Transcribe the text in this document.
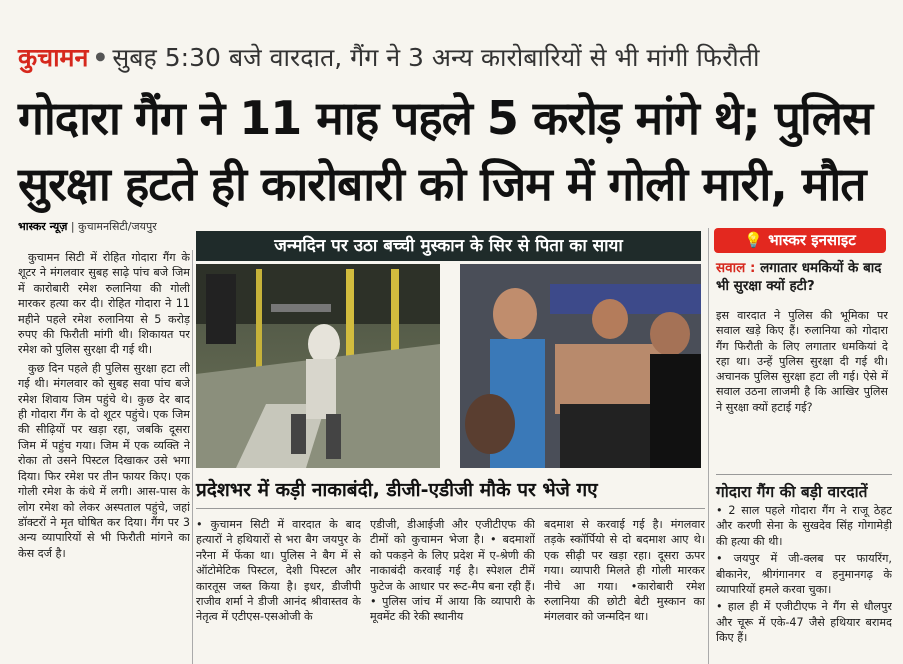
कुचामन • सुबह 5:30 बजे वारदात, गैंग ने 3 अन्य कारोबारियों से भी मांगी फिरौती
गोदारा गैंग ने 11 माह पहले 5 करोड़ मांगे थे; पुलिस
सुरक्षा हटते ही कारोबारी को जिम में गोली मारी, मौत
भास्कर न्यूज़ | कुचामनसिटी/जयपुर

कुचामन सिटी में रोहित गोदारा गैंग के शूटर ने मंगलवार सुबह साढ़े पांच बजे जिम में कारोबारी रमेश रुलानिया की गोली मारकर हत्या कर दी। रोहित गोदारा ने 11 महीने पहले रमेश रुलानिया से 5 करोड़ रुपए की फिरौती मांगी थी। शिकायत पर रमेश को पुलिस सुरक्षा दी गई थी।

कुछ दिन पहले ही पुलिस सुरक्षा हटा ली गई थी। मंगलवार को सुबह सवा पांच बजे रमेश शिवाय जिम पहुंचे थे। कुछ देर बाद ही गोदारा गैंग के दो शूटर पहुंचे। एक जिम की सीढ़ियों पर खड़ा रहा, जबकि दूसरा जिम में पहुंच गया। जिम में एक व्यक्ति ने रोका तो उसने पिस्टल दिखाकर उसे भगा दिया। फिर रमेश पर तीन फायर किए। एक गोली रमेश के कंधे में लगी। आस-पास के लोग रमेश को लेकर अस्पताल पहुंचे, जहां डॉक्टरों ने मृत घोषित कर दिया। गैंग पर 3 अन्य व्यापारियों से भी फिरौती मांगने का केस दर्ज है।

जन्मदिन पर उठा बच्ची मुस्कान के सिर से पिता का साया
प्रदेशभर में कड़ी नाकाबंदी, डीजी-एडीजी मौके पर भेजे गए
• कुचामन सिटी में वारदात के बाद हत्यारों ने हथियारों से भरा बैग जयपुर के नरैना में फेंका था। पुलिस ने बैग में से ऑटोमेटिक पिस्टल, देशी पिस्टल और कारतूस जब्त किया है। इधर, डीजीपी राजीव शर्मा ने डीजी आनंद श्रीवास्तव के नेतृत्व में एटीएस-एसओजी के
एडीजी, डीआईजी और एजीटीएफ की टीमों को कुचामन भेजा है। • बदमाशों को पकड़ने के लिए प्रदेश में ए-श्रेणी की नाकाबंदी करवाई गई है। स्पेशल टीमें फुटेज के आधार पर रूट-मैप बना रही हैं। • पुलिस जांच में आया कि व्यापारी के मूवमेंट की रेकी स्थानीय
बदमाश से करवाई गई है। मंगलवार तड़के स्कॉर्पियो से दो बदमाश आए थे। एक सीढ़ी पर खड़ा रहा। दूसरा ऊपर गया। व्यापारी मिलते ही गोली मारकर नीचे आ गया। •कारोबारी रमेश रुलानिया की छोटी बेटी मुस्कान का मंगलवार को जन्मदिन था।
💡 भास्कर इनसाइट
सवाल : लगातार धमकियों के बाद भी सुरक्षा क्यों हटी?
इस वारदात ने पुलिस की भूमिका पर सवाल खड़े किए हैं। रुलानिया को गोदारा गैंग फिरौती के लिए लगातार धमकियां दे रहा था। उन्हें पुलिस सुरक्षा दी गई थी। अचानक पुलिस सुरक्षा हटा ली गई। ऐसे में सवाल उठना लाजमी है कि आखिर पुलिस ने सुरक्षा क्यों हटाई गई?
गोदारा गैंग की बड़ी वारदातें
• 2 साल पहले गोदारा गैंग ने राजू ठेहट और करणी सेना के सुखदेव सिंह गोगामेड़ी की हत्या की थी।
• जयपुर में जी-क्लब पर फायरिंग, बीकानेर, श्रीगंगानगर व हनुमानगढ़ के व्यापारियों हमले करवा चुका।
• हाल ही में एजीटीएफ ने गैंग से धौलपुर और चूरू में एके-47 जैसे हथियार बरामद किए हैं।
